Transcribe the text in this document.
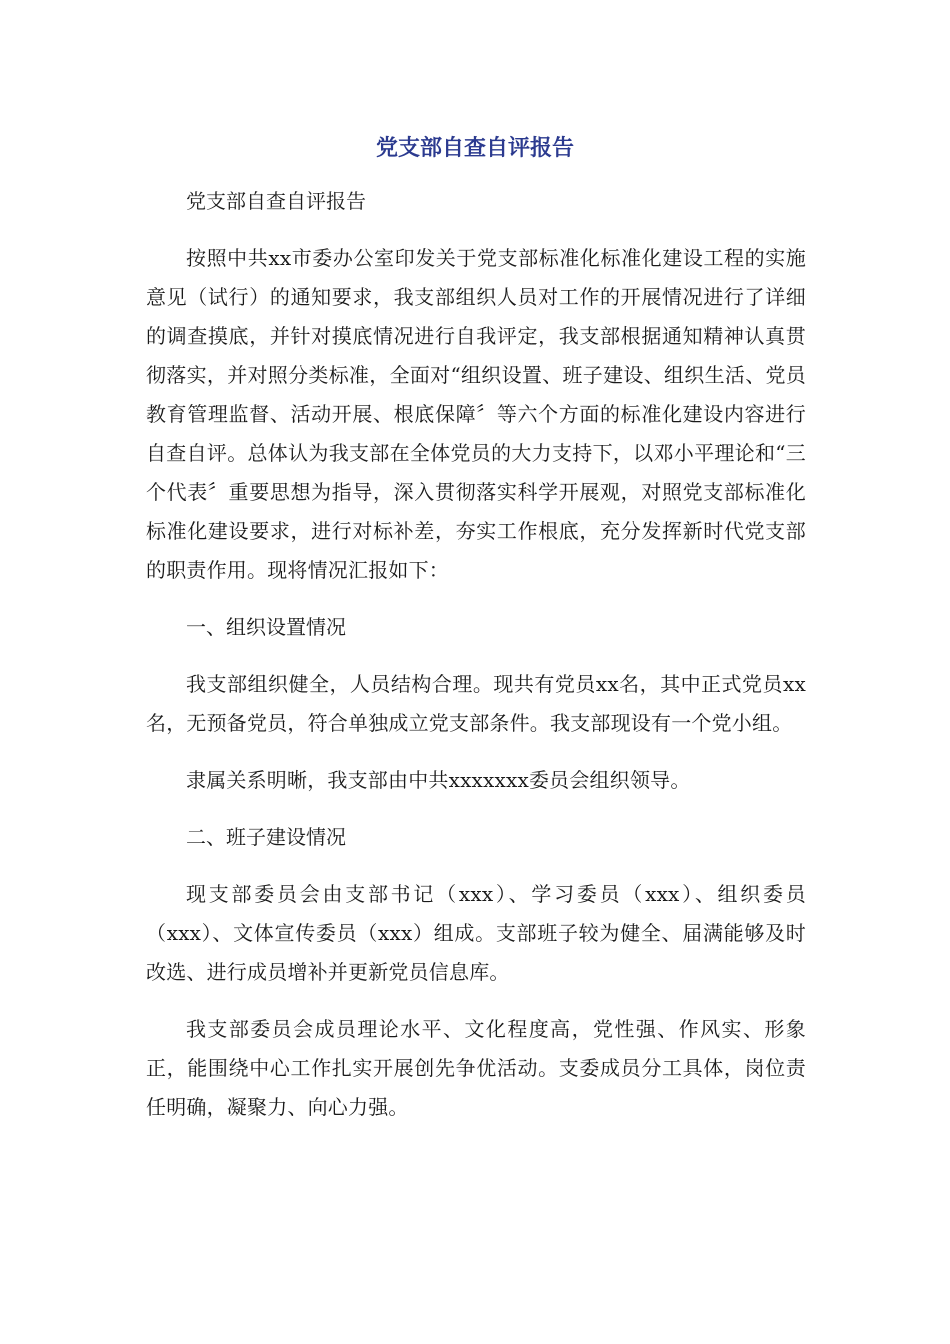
党支部自查自评报告

党支部自查自评报告

按照中共xx市委办公室印发关于党支部标准化标准化建设工程的实施意见（试行）的通知要求，我支部组织人员对工作的开展情况进行了详细的调查摸底，并针对摸底情况进行自我评定，我支部根据通知精神认真贯彻落实，并对照分类标准，全面对“组织设置、班子建设、组织生活、党员教育管理监督、活动开展、根底保障〞等六个方面的标准化建设内容进行自查自评。总体认为我支部在全体党员的大力支持下，以邓小平理论和“三个代表〞重要思想为指导，深入贯彻落实科学开展观，对照党支部标准化标准化建设要求，进行对标补差，夯实工作根底，充分发挥新时代党支部的职责作用。现将情况汇报如下：

一、组织设置情况

我支部组织健全，人员结构合理。现共有党员xx名，其中正式党员xx名，无预备党员，符合单独成立党支部条件。我支部现设有一个党小组。

隶属关系明晰，我支部由中共xxxxxxx委员会组织领导。

二、班子建设情况

现支部委员会由支部书记（xxx）、学习委员（xxx）、组织委员（xxx）、文体宣传委员（xxx）组成。支部班子较为健全、届满能够及时改选、进行成员增补并更新党员信息库。

我支部委员会成员理论水平、文化程度高，党性强、作风实、形象正，能围绕中心工作扎实开展创先争优活动。支委成员分工具体，岗位责任明确，凝聚力、向心力强。
